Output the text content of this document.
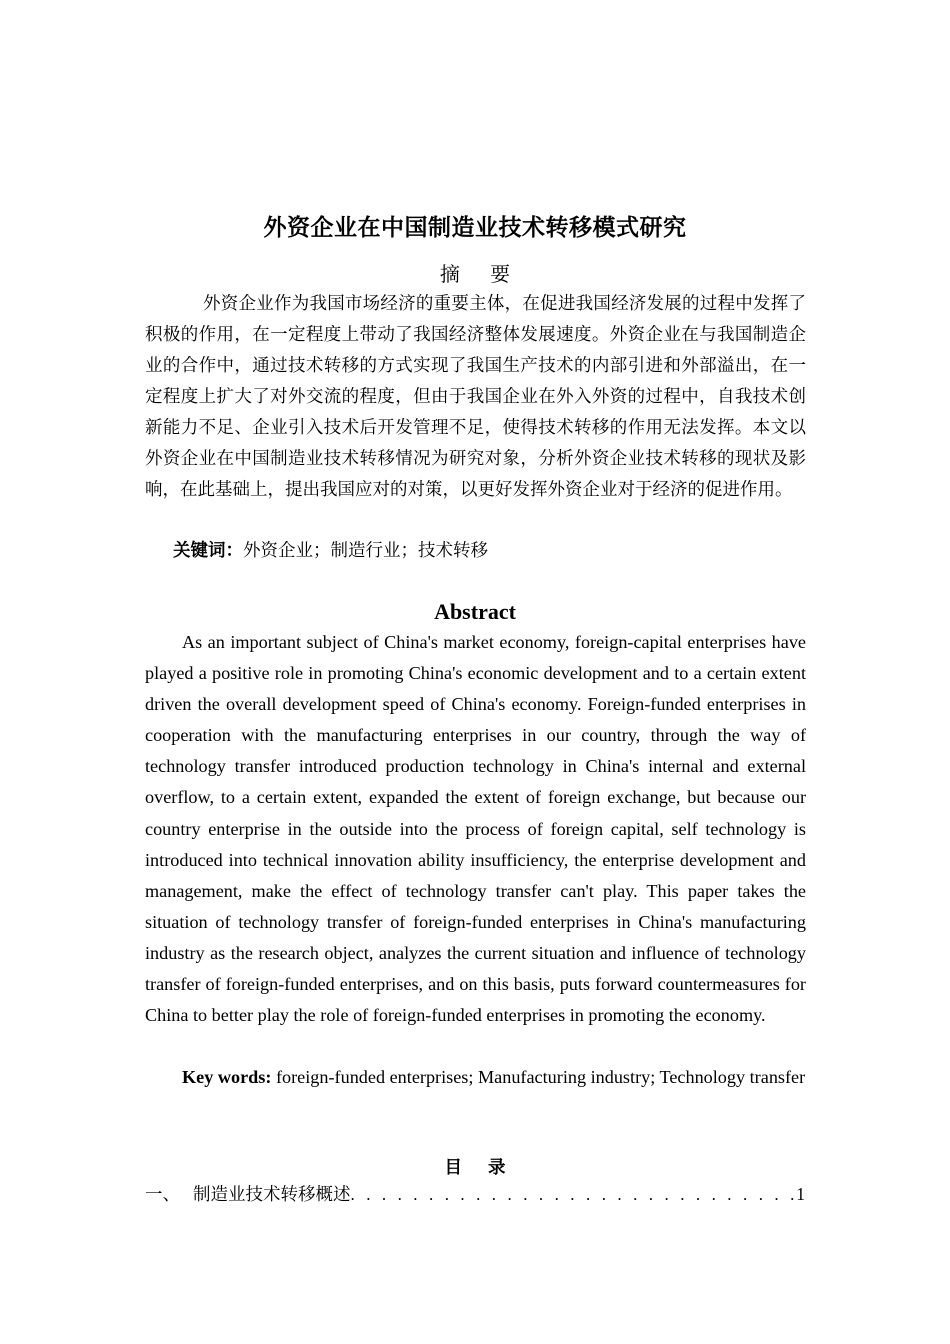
外资企业在中国制造业技术转移模式研究
摘 要

外资企业作为我国市场经济的重要主体，在促进我国经济发展的过程中发挥了积极的作用，在一定程度上带动了我国经济整体发展速度。外资企业在与我国制造企业的合作中，通过技术转移的方式实现了我国生产技术的内部引进和外部溢出，在一定程度上扩大了对外交流的程度，但由于我国企业在外入外资的过程中，自我技术创新能力不足、企业引入技术后开发管理不足，使得技术转移的作用无法发挥。本文以外资企业在中国制造业技术转移情况为研究对象，分析外资企业技术转移的现状及影响，在此基础上，提出我国应对的对策，以更好发挥外资企业对于经济的促进作用。

关键词：外资企业；制造行业；技术转移

Abstract

As an important subject of China's market economy, foreign-capital enterprises have played a positive role in promoting China's economic development and to a certain extent driven the overall development speed of China's economy. Foreign-funded enterprises in cooperation with the manufacturing enterprises in our country, through the way of technology transfer introduced production technology in China's internal and external overflow, to a certain extent, expanded the extent of foreign exchange, but because our country enterprise in the outside into the process of foreign capital, self technology is introduced into technical innovation ability insufficiency, the enterprise development and management, make the effect of technology transfer can't play. This paper takes the situation of technology transfer of foreign-funded enterprises in China's manufacturing industry as the research object, analyzes the current situation and influence of technology transfer of foreign-funded enterprises, and on this basis, puts forward countermeasures for China to better play the role of foreign-funded enterprises in promoting the economy.

Key words: foreign-funded enterprises; Manufacturing industry; Technology transfer

目 录
一、 制造业技术转移概述
. . .	1
